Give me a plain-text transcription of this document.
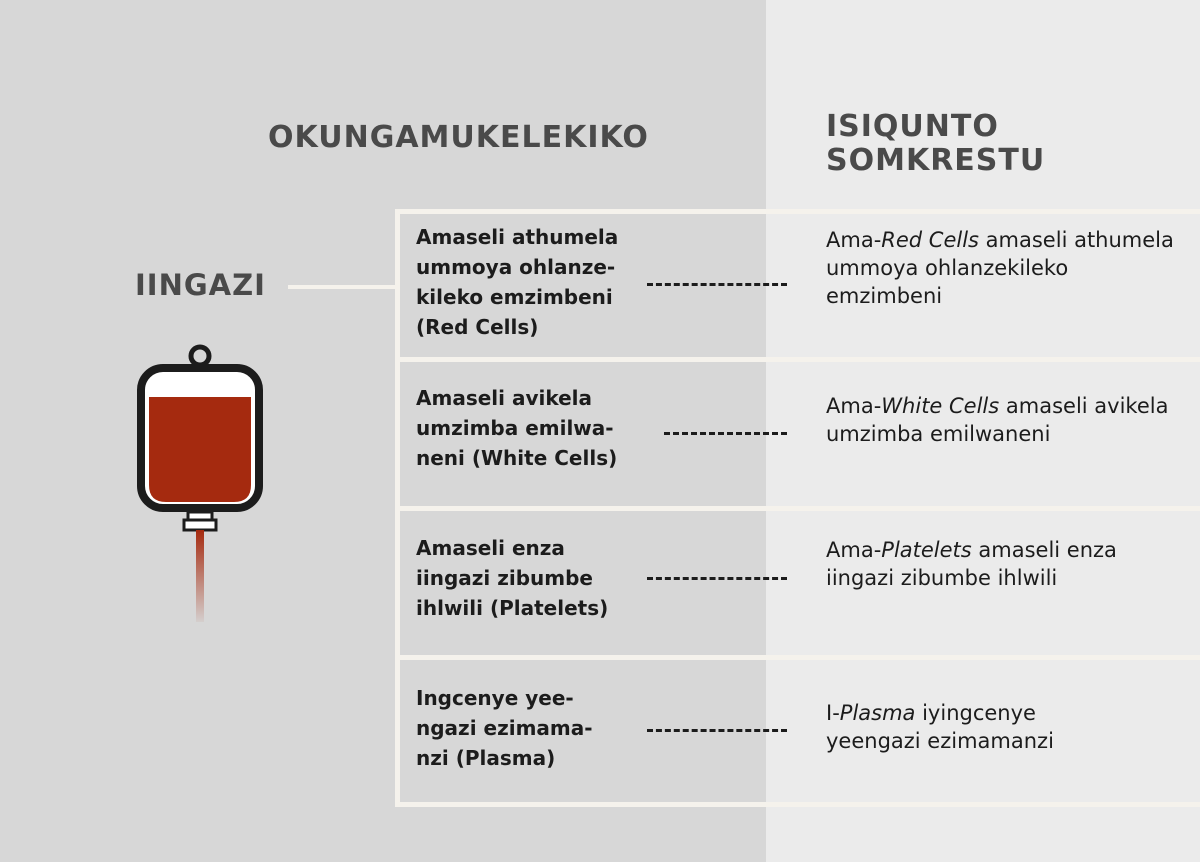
OKUNGAMUKELEKIKO	ISIQUNTO
SOMKRESTU
IINGAZI
Amaseli athumela
ummoya ohlanze-
kileko emzimbeni
(Red Cells)
Ama-Red Cells amaseli athumela ummoya ohlanzekileko emzimbeni
Amaseli avikela
umzimba emilwa-
neni (White Cells)
Ama-White Cells amaseli avikela umzimba emilwaneni
Amaseli enza
iingazi zibumbe
ihlwili (Platelets)
Ama-Platelets amaseli enza iingazi zibumbe ihlwili
Ingcenye yee-
ngazi ezimama-
nzi (Plasma)
I-Plasma iyingcenye yeengazi ezimamanzi
